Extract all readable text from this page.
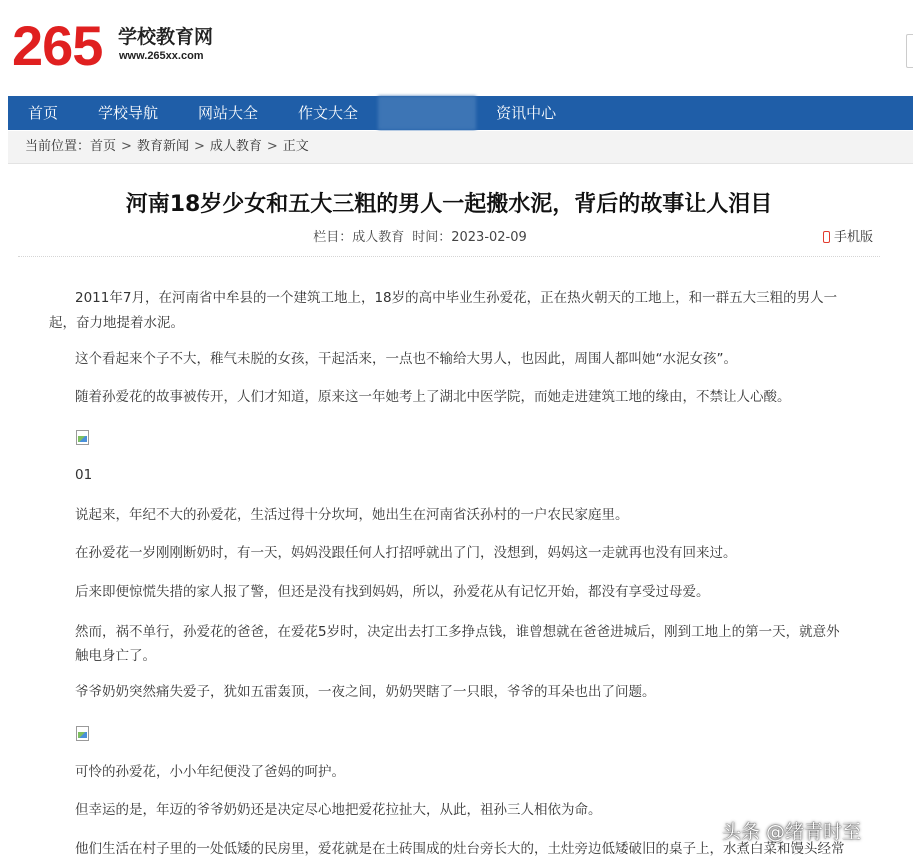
265 学校教育网
www.265xx.com
首页	学校导航	网站大全	作文大全	资讯中心
当前位置：首页 > 教育新闻 > 成人教育 > 正文
河南18岁少女和五大三粗的男人一起搬水泥，背后的故事让人泪目
栏目：成人教育 时间：2023-02-09	手机版
2011年7月，在河南省中牟县的一个建筑工地上，18岁的高中毕业生孙爱花，正在热火朝天的工地上，和一群五大三粗的男人一
起，奋力地提着水泥。
这个看起来个子不大，稚气未脱的女孩，干起活来，一点也不输给大男人，也因此，周围人都叫她“水泥女孩”。
随着孙爱花的故事被传开，人们才知道，原来这一年她考上了湖北中医学院，而她走进建筑工地的缘由，不禁让人心酸。
01
说起来，年纪不大的孙爱花，生活过得十分坎坷，她出生在河南省沃孙村的一户农民家庭里。
在孙爱花一岁刚刚断奶时，有一天，妈妈没跟任何人打招呼就出了门，没想到，妈妈这一走就再也没有回来过。
后来即便惊慌失措的家人报了警，但还是没有找到妈妈，所以，孙爱花从有记忆开始，都没有享受过母爱。
然而，祸不单行，孙爱花的爸爸，在爱花5岁时，决定出去打工多挣点钱，谁曾想就在爸爸进城后，刚到工地上的第一天，就意外
触电身亡了。
爷爷奶奶突然痛失爱子，犹如五雷轰顶，一夜之间，奶奶哭瞎了一只眼，爷爷的耳朵也出了问题。
可怜的孙爱花，小小年纪便没了爸妈的呵护。
但幸运的是，年迈的爷爷奶奶还是决定尽心地把爱花拉扯大，从此，祖孙三人相依为命。
他们生活在村子里的一处低矮的民房里，爱花就是在土砖围成的灶台旁长大的，土灶旁边低矮破旧的桌子上，水煮白菜和馒头经常
头条 @绪青时至
